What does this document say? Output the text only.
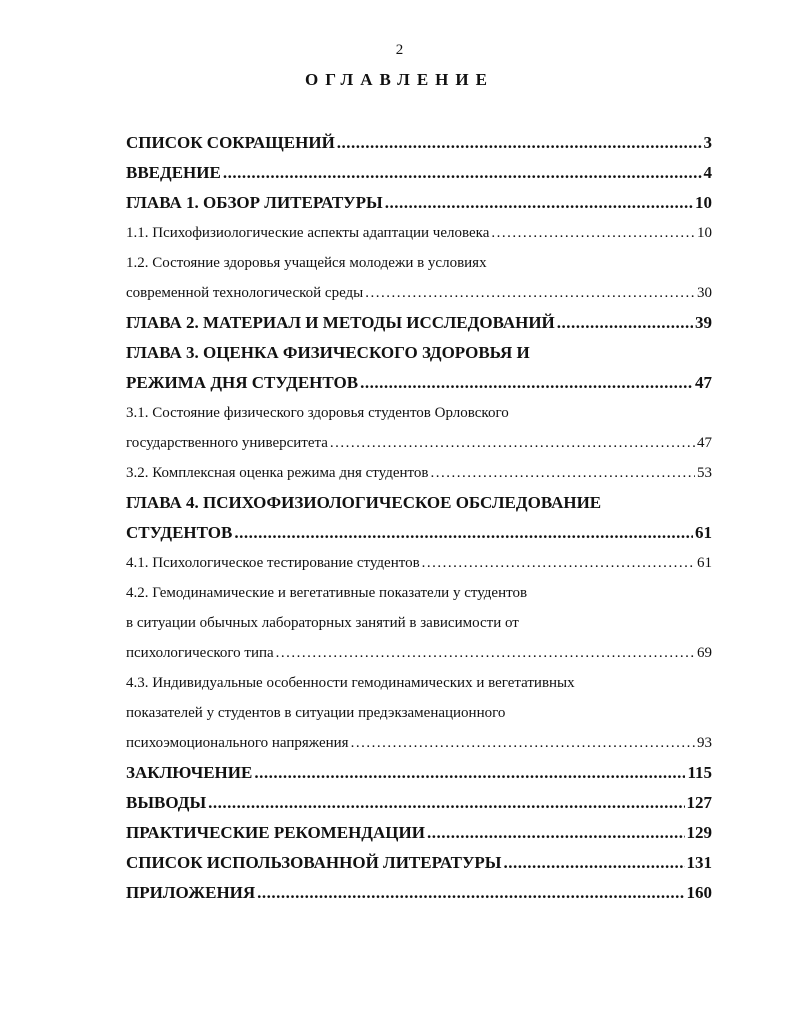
2
ОГЛАВЛЕНИЕ
СПИСОК СОКРАЩЕНИЙ .....	3
ВВЕДЕНИЕ .....	4
ГЛАВА 1. ОБЗОР ЛИТЕРАТУРЫ .....	10
1.1. Психофизиологические аспекты адаптации человека .....	10
1.2. Состояние здоровья учащейся молодежи в условиях
современной технологической среды .....	30
ГЛАВА 2. МАТЕРИАЛ И МЕТОДЫ ИССЛЕДОВАНИЙ .....	39
ГЛАВА 3. ОЦЕНКА ФИЗИЧЕСКОГО ЗДОРОВЬЯ И
РЕЖИМА ДНЯ СТУДЕНТОВ .....	47
3.1. Состояние физического здоровья студентов Орловского
государственного университета .....	47
3.2. Комплексная оценка режима дня студентов .....	53
ГЛАВА 4. ПСИХОФИЗИОЛОГИЧЕСКОЕ ОБСЛЕДОВАНИЕ
СТУДЕНТОВ .....	61
4.1. Психологическое тестирование студентов .....	61
4.2. Гемодинамические и вегетативные показатели у студентов
в ситуации обычных лабораторных занятий в зависимости от
психологического типа .....	69
4.3. Индивидуальные особенности гемодинамических и вегетативных
показателей у студентов в ситуации предэкзаменационного
психоэмоционального напряжения .....	93
ЗАКЛЮЧЕНИЕ .....	115
ВЫВОДЫ .....	127
ПРАКТИЧЕСКИЕ РЕКОМЕНДАЦИИ .....	129
СПИСОК ИСПОЛЬЗОВАННОЙ ЛИТЕРАТУРЫ .....	131
ПРИЛОЖЕНИЯ .....	160
